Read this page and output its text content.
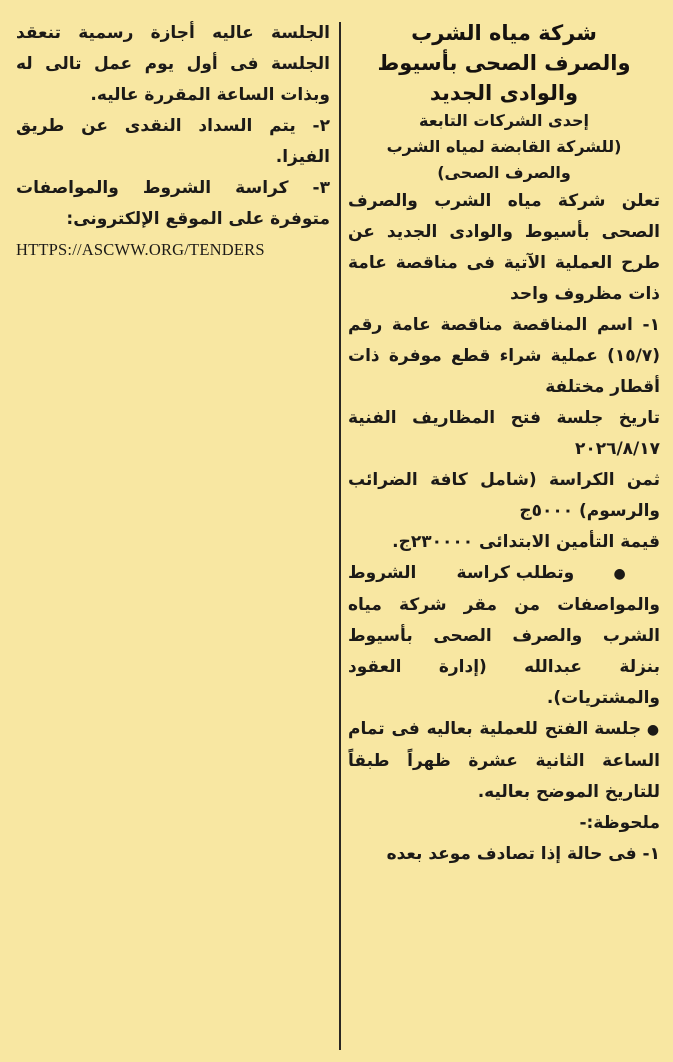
شركة مياه الشرب
والصرف الصحى بأسيوط
والوادى الجديد
إحدى الشركات التابعة
(للشركة القابضة لمياه الشرب
والصرف الصحى)

تعلن شركة مياه الشرب والصرف الصحى بأسيوط والوادى الجديد عن طرح العملية الآتية فى مناقصة عامة ذات مظروف واحد

١- اسم المناقصة مناقصة عامة رقم (١٥/٧) عملية شراء قطع موفرة ذات أقطار مختلفة

تاريخ جلسة فتح المظاريف الفنية ٢٠٢٦/٨/١٧

ثمن الكراسة (شامل كافة الضرائب والرسوم) ٥٠٠٠ج

قيمة التأمين الابتدائى ٢٣٠٠٠٠ج.

● وتطلب كراسة الشروط والمواصفات من مقر شركة مياه الشرب والصرف الصحى بأسيوط بنزلة عبدالله (إدارة العقود والمشتريات).

● جلسة الفتح للعملية بعاليه فى تمام الساعة الثانية عشرة ظهراً طبقاً للتاريخ الموضح بعاليه.

ملحوظة:-

١- فى حالة إذا تصادف موعد بعده

الجلسة عاليه أجازة رسمية تنعقد الجلسة فى أول يوم عمل تالى له وبذات الساعة المقررة عاليه.

٢- يتم السداد النقدى عن طريق الفيزا.

٣- كراسة الشروط والمواصفات متوفرة على الموقع الإلكترونى:

HTTPS://ASCWW.ORG/TENDERS
